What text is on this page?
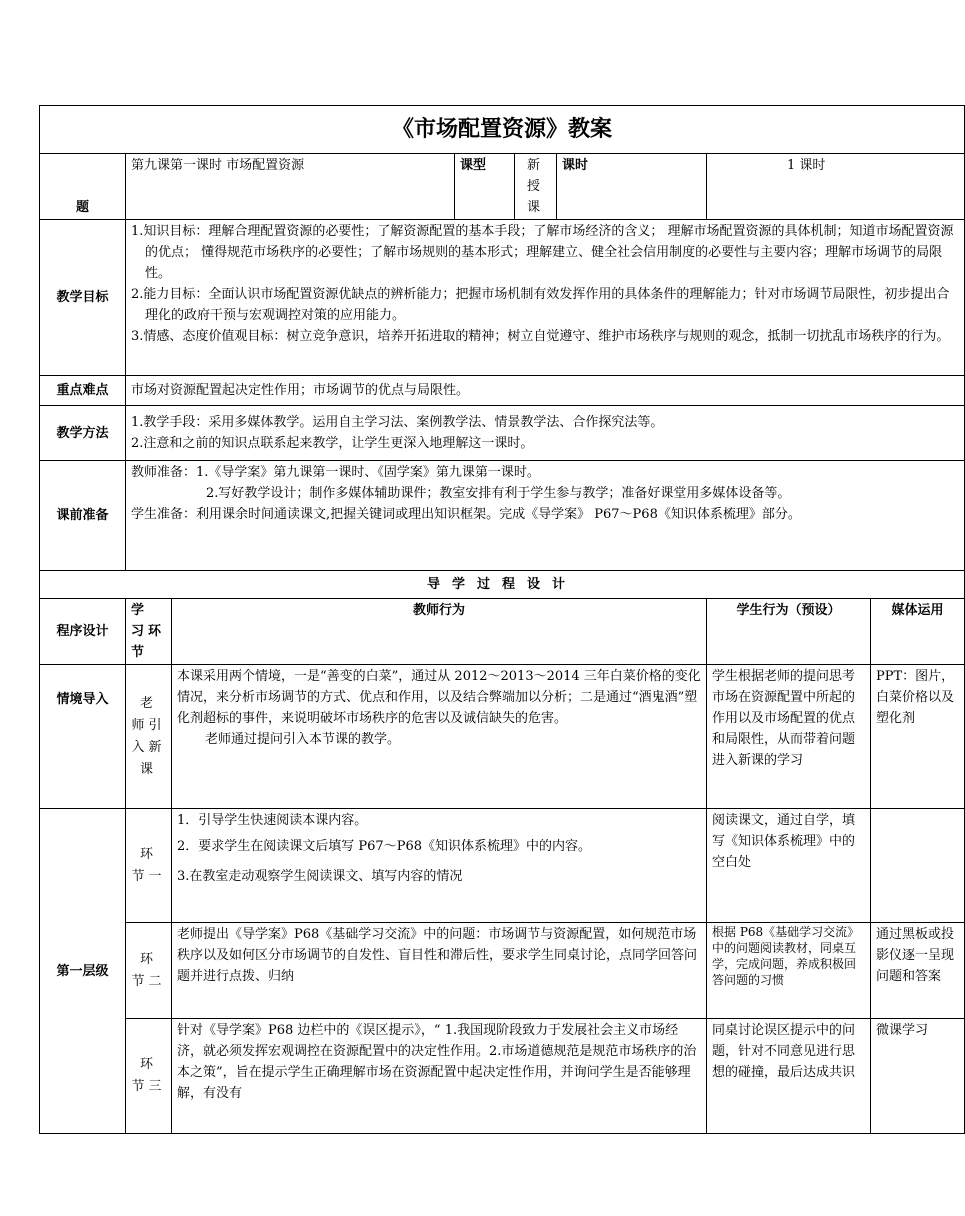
《市场配置资源》教案							
题	第九课第一课时 市场配置资源		课型	新授课	课时	1 课时	
教学目标	1.知识目标：理解合理配置资源的必要性；了解资源配置的基本手段；了解市场经济的含义； 理解市场配置资源的具体机制；知道市场配置资源的优点； 懂得规范市场秩序的必要性；了解市场规则的基本形式；理解建立、健全社会信用制度的必要性与主要内容；理解市场调节的局限性。

2.能力目标：全面认识市场配置资源优缺点的辨析能力；把握市场机制有效发挥作用的具体条件的理解能力；针对市场调节局限性，初步提出合理化的政府干预与宏观调控对策的应用能力。

3.情感、态度价值观目标：树立竞争意识，培养开拓进取的精神；树立自觉遵守、维护市场秩序与规则的观念，抵制一切扰乱市场秩序的行为。						

重点难点	市场对资源配置起决定性作用；市场调节的优点与局限性。						
教学方法	1.教学手段：采用多媒体教学。运用自主学习法、案例教学法、情景教学法、合作探究法等。

2.注意和之前的知识点联系起来教学，让学生更深入地理解这一课时。						

课前准备	教师准备：1.《导学案》第九课第一课时、《固学案》第九课第一课时。

2.写好教学设计；制作多媒体辅助课件；教室安排有利于学生参与教学；准备好课堂用多媒体设备等。

学生准备：利用课余时间通读课文,把握关键词或理出知识框架。完成《导学案》 P67～P68《知识体系梳理》部分。						

导学过程设计							
程序设计	学 习环节	教师行为				学生行为（预设）	媒体运用
情境导入	老 师引 入新课	本课采用两个情境，一是“善变的白菜”，通过从 2012～2013～2014 三年白菜价格的变化情况，来分析市场调节的方式、优点和作用，以及结合弊端加以分析；二是通过“酒鬼酒”塑化剂超标的事件，来说明破坏市场秩序的危害以及诚信缺失的危害。

老师通过提问引入本节课的教学。				学生根据老师的提问思考市场在资源配置中所起的作用以及市场配置的优点和局限性，从而带着问题进入新课的学习	PPT：图片，白菜价格以及塑化剂
第一层级	环 节一	1．引导学生快速阅读本课内容。

2．要求学生在阅读课文后填写 P67～P68《知识体系梳理》中的内容。

3.在教室走动观察学生阅读课文、填写内容的情况				阅读课文，通过自学，填写《知识体系梳理》中的空白处	
	环 节二	老师提出《导学案》P68《基础学习交流》中的问题：市场调节与资源配置，如何规范市场秩序以及如何区分市场调节的自发性、盲目性和滞后性，要求学生同桌讨论，点同学回答问题并进行点拨、归纳				根据 P68《基础学习交流》中的问题阅读教材，同桌互学，完成问题，养成积极回答问题的习惯	通过黑板或投影仪逐一呈现问题和答案
	环 节三	针对《导学案》P68 边栏中的《误区提示》，“ 1.我国现阶段致力于发展社会主义市场经济，就必须发挥宏观调控在资源配置中的决定性作用。2.市场道德规范是规范市场秩序的治本之策”，旨在提示学生正确理解市场在资源配置中起决定性作用，并询问学生是否能够理解，有没有				同桌讨论误区提示中的问题，针对不同意见进行思想的碰撞，最后达成共识	微课学习
